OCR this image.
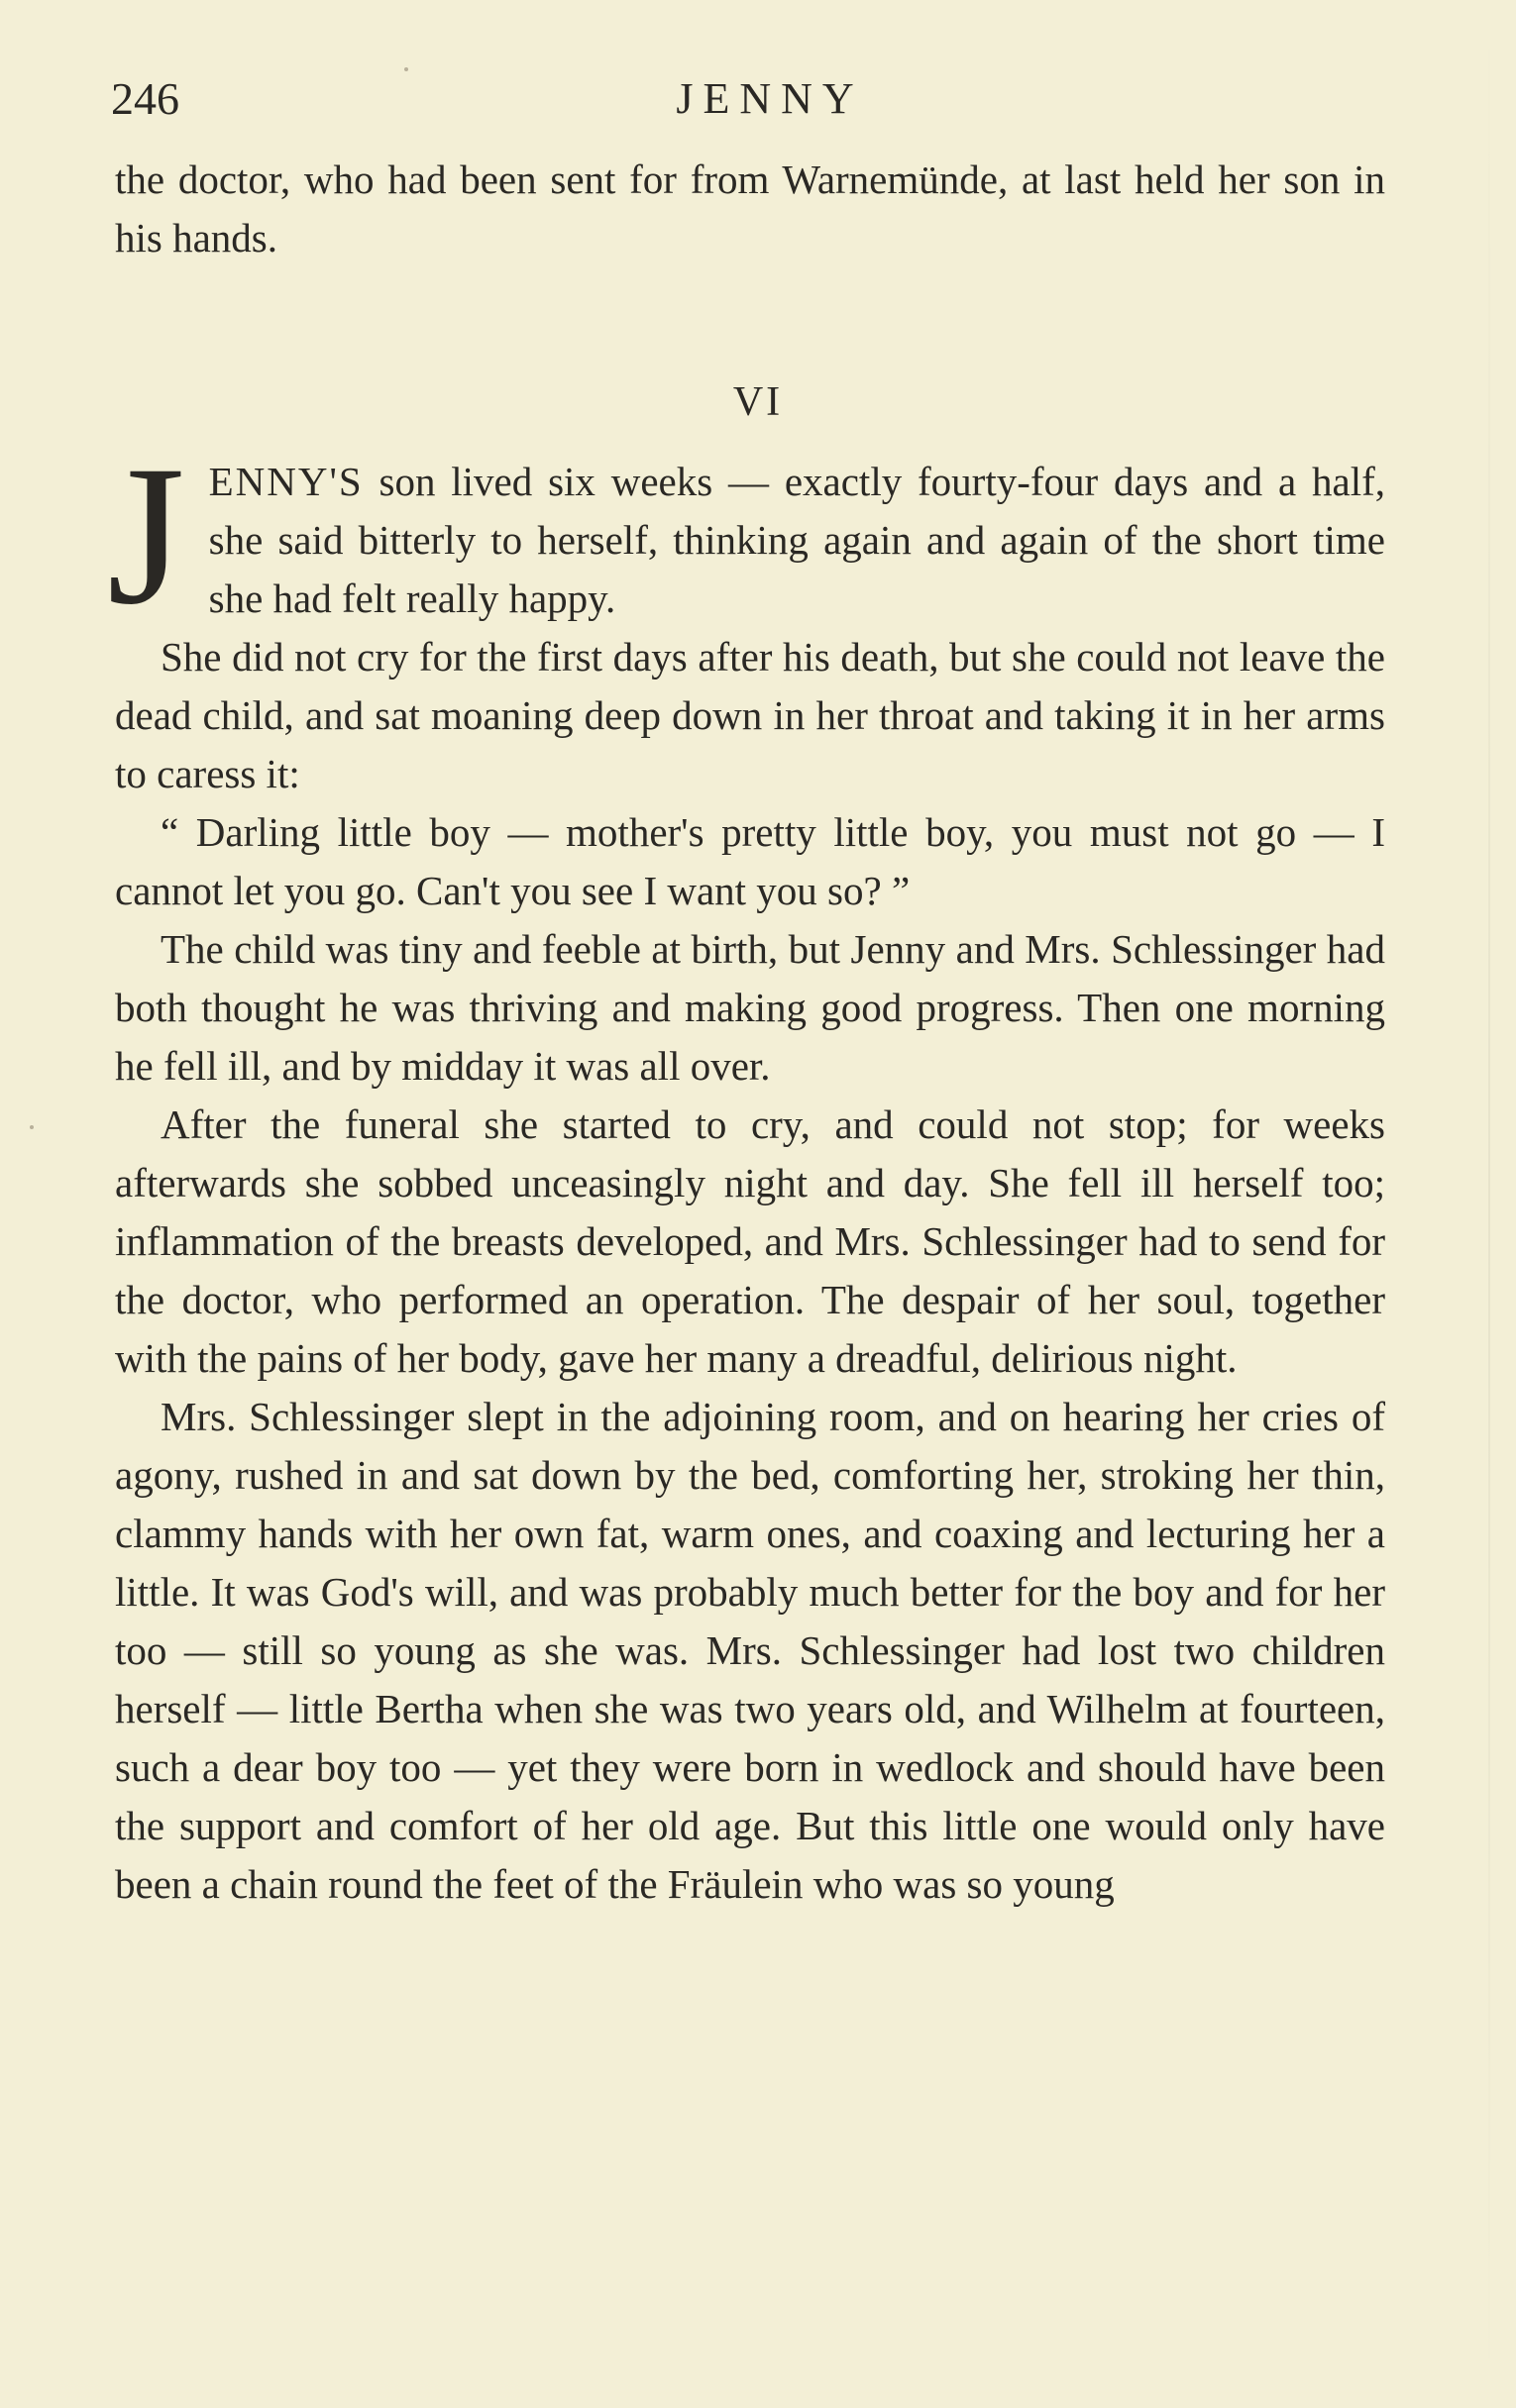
246	JENNY

the doctor, who had been sent for from Warnemünde, at last held her son in his hands.

VI

JENNY'S son lived six weeks — exactly fourty-four days and a half, she said bitterly to herself, thinking again and again of the short time she had felt really happy.

She did not cry for the first days after his death, but she could not leave the dead child, and sat moaning deep down in her throat and taking it in her arms to caress it:

“ Darling little boy — mother's pretty little boy, you must not go — I cannot let you go. Can't you see I want you so? ”

The child was tiny and feeble at birth, but Jenny and Mrs. Schlessinger had both thought he was thriving and making good progress. Then one morning he fell ill, and by midday it was all over.

After the funeral she started to cry, and could not stop; for weeks afterwards she sobbed unceasingly night and day. She fell ill herself too; inflammation of the breasts developed, and Mrs. Schlessinger had to send for the doctor, who performed an operation. The despair of her soul, together with the pains of her body, gave her many a dreadful, delirious night.

Mrs. Schlessinger slept in the adjoining room, and on hearing her cries of agony, rushed in and sat down by the bed, comforting her, stroking her thin, clammy hands with her own fat, warm ones, and coaxing and lecturing her a little. It was God's will, and was probably much better for the boy and for her too — still so young as she was. Mrs. Schlessinger had lost two children herself — little Bertha when she was two years old, and Wilhelm at fourteen, such a dear boy too — yet they were born in wedlock and should have been the support and comfort of her old age. But this little one would only have been a chain round the feet of the Fräulein who was so young
